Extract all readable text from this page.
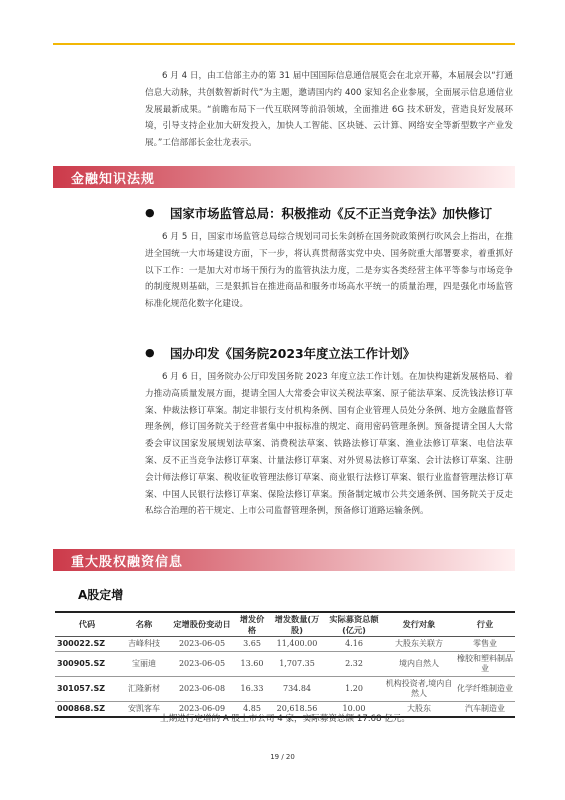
6 月 4 日，由工信部主办的第 31 届中国国际信息通信展览会在北京开幕，本届展会以“打通信息大动脉，共创数智新时代”为主题，邀请国内约 400 家知名企业参展，全面展示信息通信业发展最新成果。“前瞻布局下一代互联网等前沿领域，全面推进 6G 技术研发，营造良好发展环境，引导支持企业加大研发投入，加快人工智能、区块链、云计算、网络安全等新型数字产业发展。”工信部部长金壮龙表示。

金融知识法规
● 国家市场监管总局：积极推动《反不正当竞争法》加快修订

6 月 5 日，国家市场监管总局综合规划司司长朱剑桥在国务院政策例行吹风会上指出，在推进全国统一大市场建设方面，下一步，将认真贯彻落实党中央、国务院重大部署要求，着重抓好以下工作：一是加大对市场干预行为的监管执法力度，二是夯实各类经营主体平等参与市场竞争的制度规则基础，三是狠抓旨在推进商品和服务市场高水平统一的质量治理，四是强化市场监管标准化规范化数字化建设。

● 国办印发《国务院2023年度立法工作计划》

6 月 6 日，国务院办公厅印发国务院 2023 年度立法工作计划。在加快构建新发展格局、着力推动高质量发展方面，提请全国人大常委会审议关税法草案、原子能法草案、反洗钱法修订草案、仲裁法修订草案。制定非银行支付机构条例、国有企业管理人员处分条例、地方金融监督管理条例，修订国务院关于经营者集中申报标准的规定、商用密码管理条例。预备提请全国人大常委会审议国家发展规划法草案、消费税法草案、铁路法修订草案、渔业法修订草案、电信法草案、反不正当竞争法修订草案、计量法修订草案、对外贸易法修订草案、会计法修订草案、注册会计师法修订草案、税收征收管理法修订草案、商业银行法修订草案、银行业监督管理法修订草案、中国人民银行法修订草案、保险法修订草案。预备制定城市公共交通条例、国务院关于反走私综合治理的若干规定、上市公司监督管理条例，预备修订道路运输条例。

重大股权融资信息
A股定增
代码	名称	定增股份变动日	增发价格	增发数量(万股)	实际募资总额(亿元)	发行对象	行业
300022.SZ	吉峰科技	2023-06-05	3.65	11,400.00	4.16	大股东关联方	零售业
300905.SZ	宝丽迪	2023-06-05	13.60	1,707.35	2.32	境内自然人	橡胶和塑料制品业
301057.SZ	汇隆新材	2023-06-08	16.33	734.84	1.20	机构投资者,境内自然人	化学纤维制造业
000868.SZ	安凯客车	2023-06-09	4.85	20,618.56	10.00	大股东	汽车制造业
上期进行定增的 A 股上市公司 4 家，实际募资总额 17.68 亿元。
19 / 20
